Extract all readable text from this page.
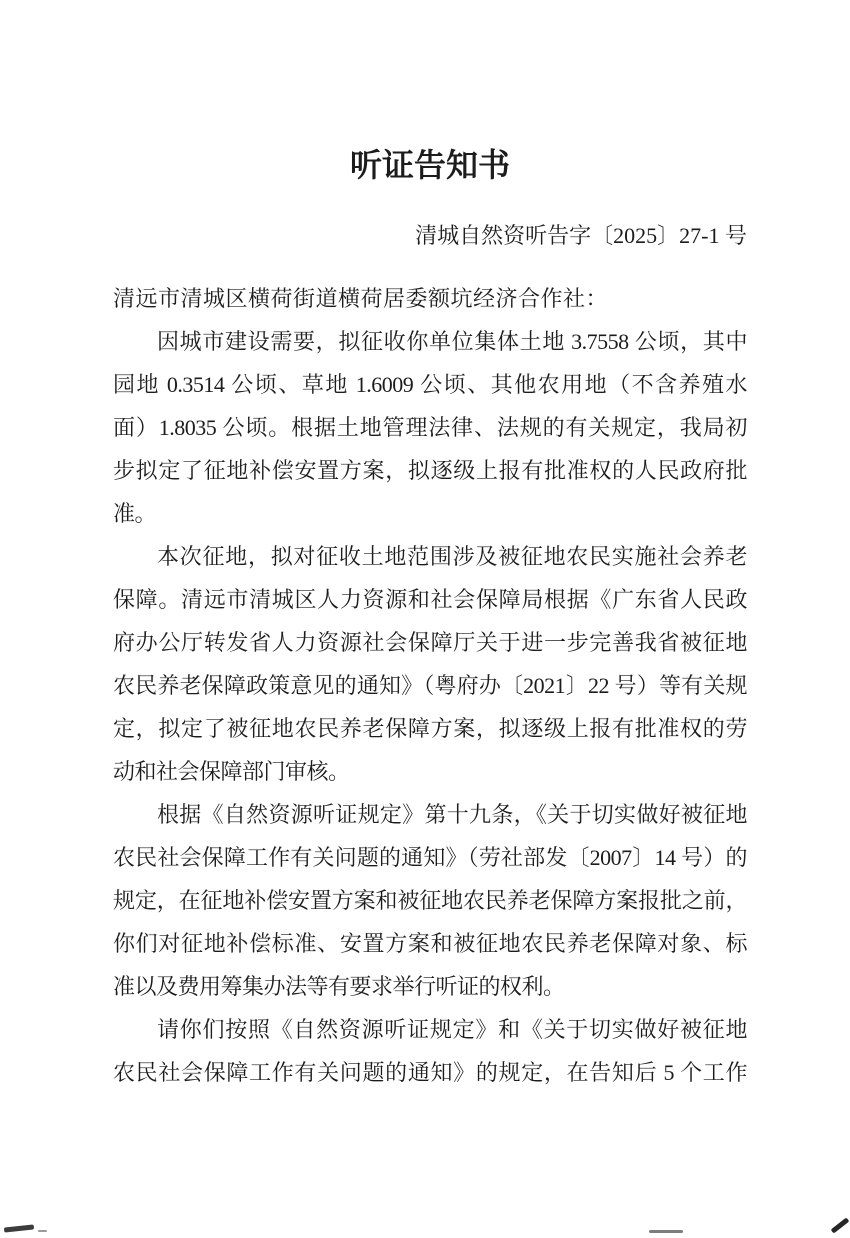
听证告知书
清城自然资听告字〔2025〕27-1 号
清远市清城区横荷街道横荷居委额坑经济合作社：
因城市建设需要，拟征收你单位集体土地 3.7558 公顷，其中
园地 0.3514 公顷、草地 1.6009 公顷、其他农用地（不含养殖水
面）1.8035 公顷。根据土地管理法律、法规的有关规定，我局初
步拟定了征地补偿安置方案，拟逐级上报有批准权的人民政府批
准。
本次征地，拟对征收土地范围涉及被征地农民实施社会养老
保障。清远市清城区人力资源和社会保障局根据《广东省人民政
府办公厅转发省人力资源社会保障厅关于进一步完善我省被征地
农民养老保障政策意见的通知》（粤府办〔2021〕22 号）等有关规
定，拟定了被征地农民养老保障方案，拟逐级上报有批准权的劳
动和社会保障部门审核。
根据《自然资源听证规定》第十九条，《关于切实做好被征地
农民社会保障工作有关问题的通知》（劳社部发〔2007〕14 号）的
规定，在征地补偿安置方案和被征地农民养老保障方案报批之前，
你们对征地补偿标准、安置方案和被征地农民养老保障对象、标
准以及费用筹集办法等有要求举行听证的权利。
请你们按照《自然资源听证规定》和《关于切实做好被征地
农民社会保障工作有关问题的通知》的规定，在告知后 5 个工作
